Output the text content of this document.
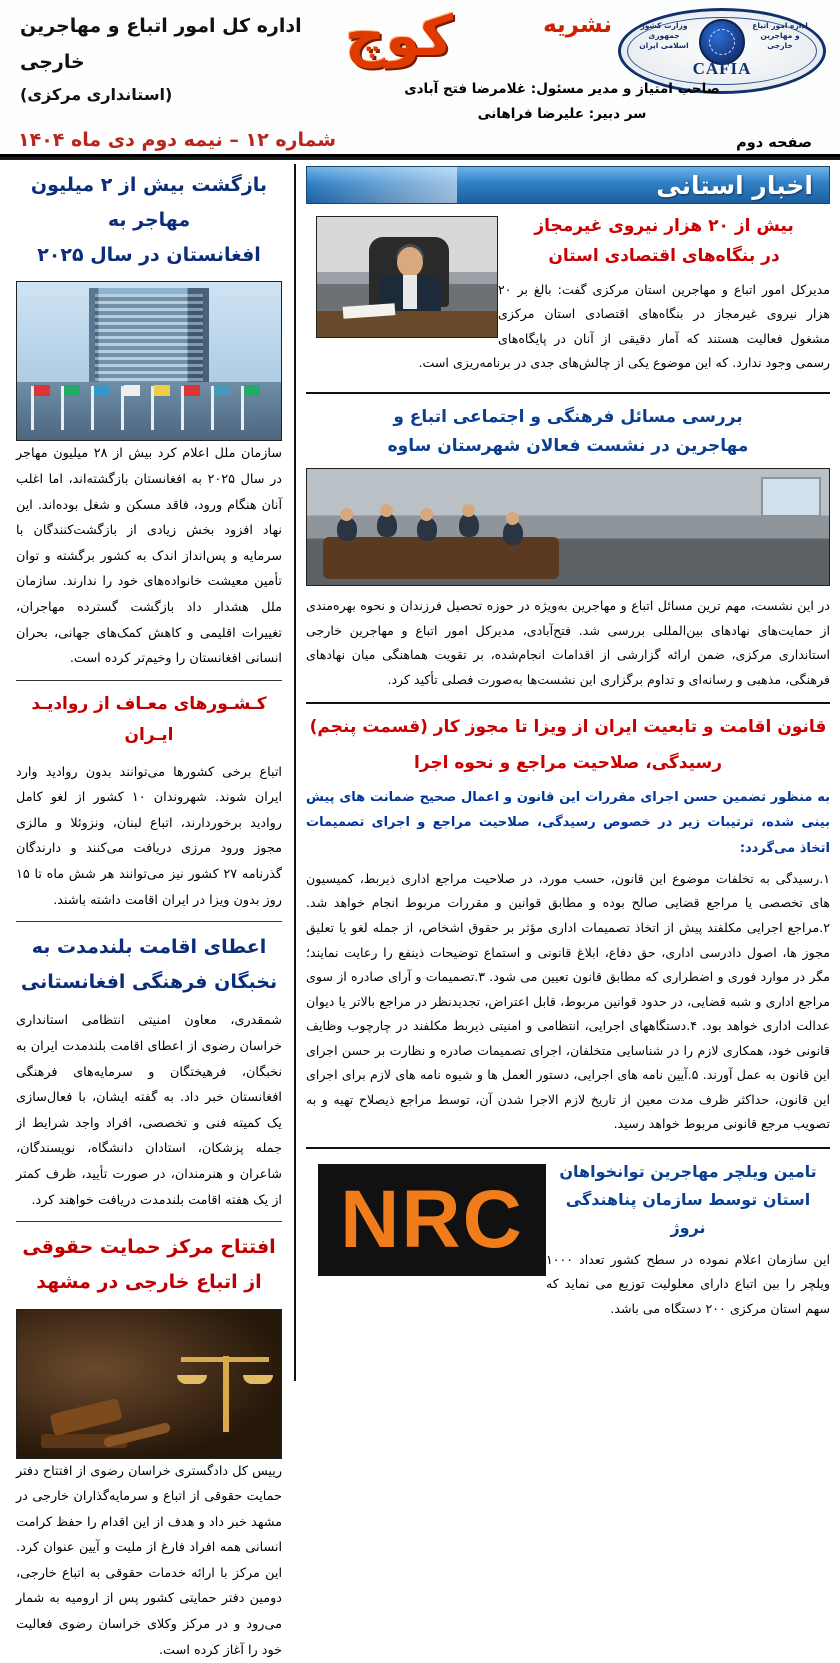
اداره امور اتباع و مهاجرین خارجی
وزارت کشور جمهوری اسلامی ایران
CAFIA
نشریه
کوچ
اداره کل امور اتباع و مهاجرین خارجی
(استانداری مرکزی)	صاحب امتیاز و مدیر مسئول: غلامرضا فتح آبادی
سر دبیر: علیرضا فراهانی
شماره ۱۲ – نیمه دوم دی ماه ۱۴۰۴	صفحه دوم
اخبار استانی
بیش از ۲۰ هزار نیروی غیرمجاز
در بنگاه‌های اقتصادی استان

مدیرکل امور اتباع و مهاجرین استان مرکزی گفت: بالغ بر ۲۰ هزار نیروی غیرمجاز در بنگاه‌های اقتصادی استان مرکزی مشغول فعالیت هستند که آمار دقیقی از آنان در پایگاه‌های رسمی وجود ندارد. که این موضوع یکی از چالش‌های جدی در برنامه‌ریزی است.

بررسی مسائل فرهنگی و اجتماعی اتباع و
مهاجرین در نشست فعالان شهرستان ساوه

در این نشست، مهم ترین مسائل اتباع و مهاجرین به‌ویژه در حوزه تحصیل فرزندان و نحوه بهره‌مندی از حمایت‌های نهادهای بین‌المللی بررسی شد. فتح‌آبادی، مدیرکل امور اتباع و مهاجرین خارجی استانداری مرکزی، ضمن ارائه گزارشی از اقدامات انجام‌شده، بر تقویت هماهنگی میان نهادهای فرهنگی، مذهبی و رسانه‌ای و تداوم برگزاری این نشست‌ها به‌صورت فصلی تأکید کرد.

قانون اقامت و تابعیت ایران از ویزا تا مجوز کار (قسمت پنجم)
رسیدگی، صلاحیت مراجع و نحوه اجرا

به منظور تضمین حسن اجرای مقررات این قانون و اعمال صحیح ضمانت های پیش بینی شده، ترتیبات زیر در خصوص رسیدگی، صلاحیت مراجع و اجرای تصمیمات اتخاذ می‌گردد:

۱.رسیدگی به تخلفات موضوع این قانون، حسب مورد، در صلاحیت مراجع اداری ذیربط، کمیسیون های تخصصی یا مراجع قضایی صالح بوده و مطابق قوانین و مقررات مربوط انجام خواهد شد. ۲.مراجع اجرایی مکلفند پیش از اتخاذ تصمیمات اداری مؤثر بر حقوق اشخاص، از جمله لغو یا تعلیق مجوز ها، اصول دادرسی اداری، حق دفاع، ابلاغ قانونی و استماع توضیحات ذینفع را رعایت نمایند؛ مگر در موارد فوری و اضطراری که مطابق قانون تعیین می شود. ۳.تصمیمات و آرای صادره از سوی مراجع اداری و شبه قضایی، در حدود قوانین مربوط، قابل اعتراض، تجدیدنظر در مراجع بالاتر یا دیوان عدالت اداری خواهد بود. ۴.دستگاههای اجرایی، انتظامی و امنیتی ذیربط مکلفند در چارچوب وظایف قانونی خود، همکاری لازم را در شناسایی متخلفان، اجرای تصمیمات صادره و نظارت بر حسن اجرای این قانون به عمل آورند. ۵.آیین نامه های اجرایی، دستور العمل ها و شیوه نامه های لازم برای اجرای این قانون، حداکثر ظرف مدت معین از تاریخ لازم الاجرا شدن آن، توسط مراجع ذیصلاح تهیه و به تصویب مرجع قانونی مربوط خواهد رسید.

NRC
تامین ویلچر مهاجرین توانخواهان
استان توسط سازمان پناهندگی نروژ

این سازمان اعلام نموده در سطح کشور تعداد ۱۰۰۰ ویلچر را بین اتباع دارای معلولیت توزیع می نماید که سهم استان مرکزی ۲۰۰ دستگاه می باشد.

بازگشت بیش از ۲ میلیون مهاجر به
افغانستان در سال ۲۰۲۵

سازمان ملل اعلام کرد بیش از ۲۸ میلیون مهاجر در سال ۲۰۲۵ به افغانستان بازگشته‌اند، اما اغلب آنان هنگام ورود، فاقد مسکن و شغل بوده‌اند. این نهاد افزود بخش زیادی از بازگشت‌کنندگان با سرمایه و پس‌انداز اندک به کشور برگشته و توان تأمین معیشت خانواده‌های خود را ندارند. سازمان ملل هشدار داد بازگشت گسترده مهاجران، تغییرات اقلیمی و کاهش کمک‌های جهانی، بحران انسانی افغانستان را وخیم‌تر کرده است.

کـشـورهای معـاف از روادیـد ایـران

اتباع برخی کشورها می‌توانند بدون روادید وارد ایران شوند. شهروندان ۱۰ کشور از لغو کامل روادید برخوردارند، اتباع لبنان، ونزوئلا و مالزی مجوز ورود مرزی دریافت می‌کنند و دارندگان گذرنامه ۲۷ کشور نیز می‌توانند هر شش ماه تا ۱۵ روز بدون ویزا در ایران اقامت داشته باشند.

اعطای اقامت بلندمدت به
نخبگان فرهنگی افغانستانی

شمقدری، معاون امنیتی انتظامی استانداری خراسان رضوی از اعطای اقامت بلندمدت ایران به نخبگان، فرهیختگان و سرمایه‌های فرهنگی افغانستان خبر داد. به گفته ایشان، با فعال‌سازی یک کمیته فنی و تخصصی، افراد واجد شرایط از جمله پزشکان، استادان دانشگاه، نویسندگان، شاعران و هنرمندان، در صورت تأیید، ظرف کمتر از یک هفته اقامت بلندمدت دریافت خواهند کرد.

افتتاح مرکز حمایت حقوقی
از اتباع خارجی در مشهد

رییس کل دادگستری خراسان رضوی از افتتاح دفتر حمایت حقوقی از اتباع و سرمایه‌گذاران خارجی در مشهد خبر داد و هدف از این اقدام را حفظ کرامت انسانی همه افراد فارغ از ملیت و آیین عنوان کرد. این مرکز با ارائه خدمات حقوقی به اتباع خارجی، دومین دفتر حمایتی کشور پس از ارومیه به شمار می‌رود و در مرکز وکلای خراسان رضوی فعالیت خود را آغاز کرده است.
